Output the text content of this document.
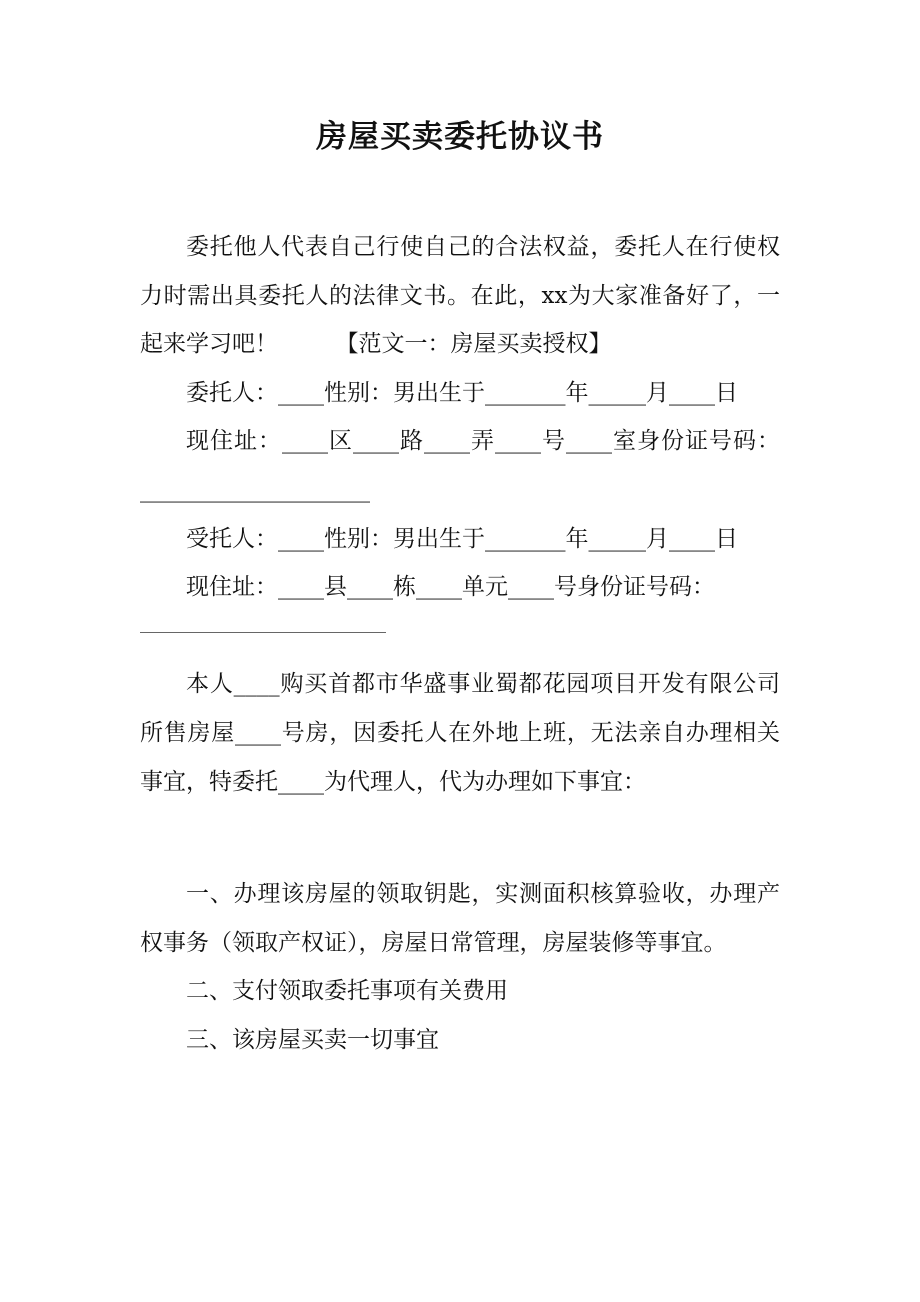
房屋买卖委托协议书

委托他人代表自己行使自己的合法权益，委托人在行使权力时需出具委托人的法律文书。在此，xx为大家准备好了，一起来学习吧！　　　【范文一：房屋买卖授权】

委托人：____性别：男出生于_______年_____月____日

现住址：____区____路____弄____号____室身份证号码：____________________

受托人：____性别：男出生于_______年_____月____日

现住址：____县____栋____单元____号身份证号码：

本人____购买首都市华盛事业蜀都花园项目开发有限公司所售房屋____号房，因委托人在外地上班，无法亲自办理相关事宜，特委托____为代理人，代为办理如下事宜：

一、办理该房屋的领取钥匙，实测面积核算验收，办理产权事务（领取产权证），房屋日常管理，房屋装修等事宜。

二、支付领取委托事项有关费用

三、该房屋买卖一切事宜
